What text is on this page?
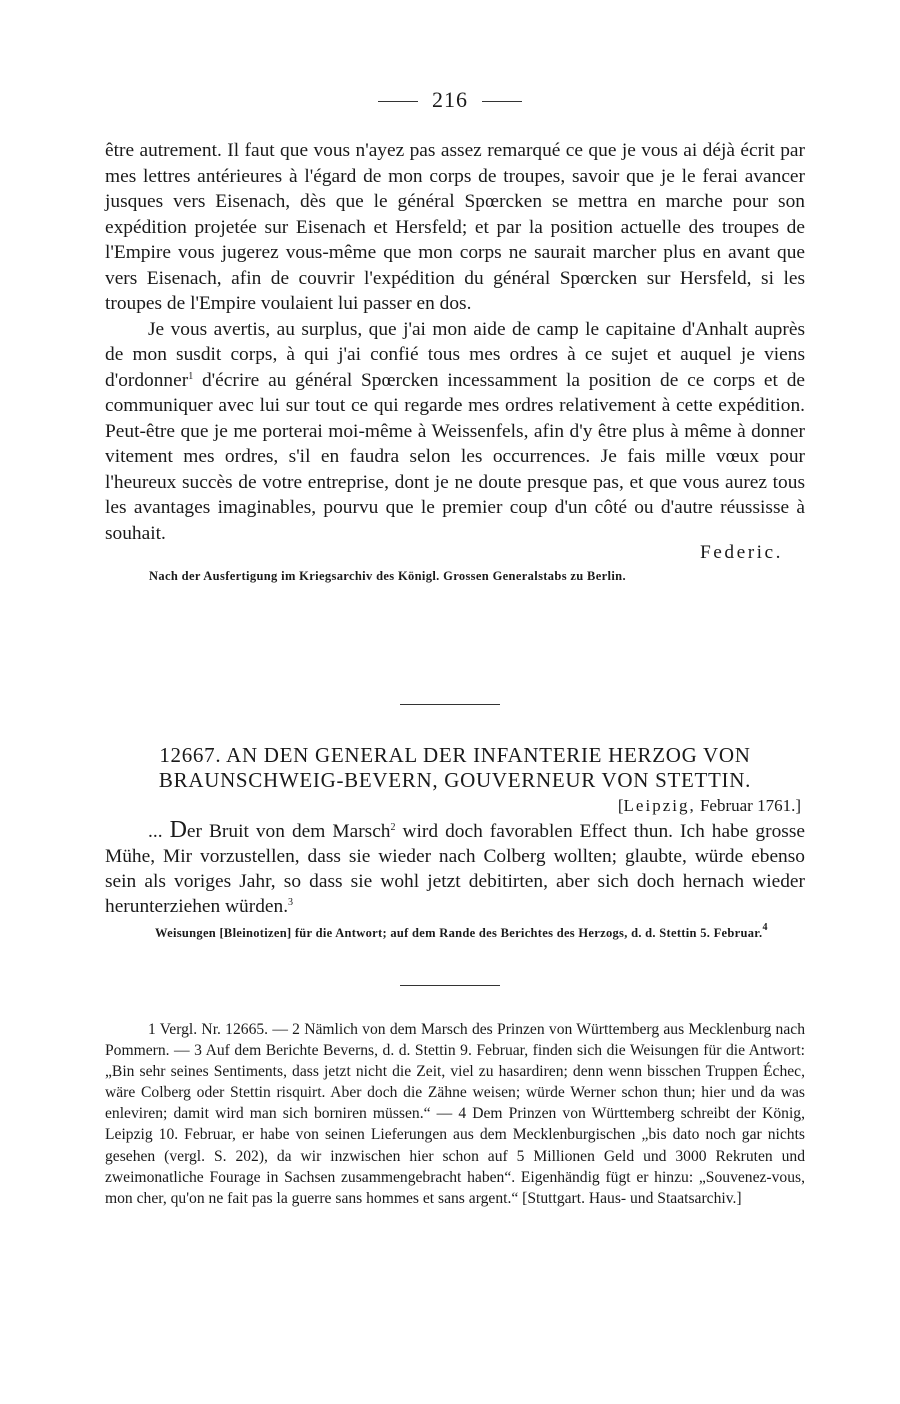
216

être autrement. Il faut que vous n'ayez pas assez remarqué ce que je vous ai déjà écrit par mes lettres antérieures à l'égard de mon corps de troupes, savoir que je le ferai avancer jusques vers Eisenach, dès que le général Spœrcken se mettra en marche pour son expédition projetée sur Eisenach et Hersfeld; et par la position actuelle des troupes de l'Empire vous jugerez vous-même que mon corps ne saurait marcher plus en avant que vers Eisenach, afin de couvrir l'expédition du général Spœrcken sur Hersfeld, si les troupes de l'Empire voulaient lui passer en dos.

Je vous avertis, au surplus, que j'ai mon aide de camp le capitaine d'Anhalt auprès de mon susdit corps, à qui j'ai confié tous mes ordres à ce sujet et auquel je viens d'ordonner$^1$ d'écrire au général Spœrcken incessamment la position de ce corps et de communiquer avec lui sur tout ce qui regarde mes ordres relativement à cette expédition. Peut-être que je me porterai moi-même à Weissenfels, afin d'y être plus à même à donner vitement mes ordres, s'il en faudra selon les occurrences. Je fais mille vœux pour l'heureux succès de votre entreprise, dont je ne doute presque pas, et que vous aurez tous les avantages imaginables, pourvu que le premier coup d'un côté ou d'autre réussisse à souhait.

Federic.
Nach der Ausfertigung im Kriegsarchiv des Königl. Grossen Generalstabs zu Berlin.
12667. AN DEN GENERAL DER INFANTERIE HERZOG VON BRAUNSCHWEIG-BEVERN, GOUVERNEUR VON STETTIN.
[Leipzig, Februar 1761.]

... Der Bruit von dem Marsch$^2$ wird doch favorablen Effect thun. Ich habe grosse Mühe, Mir vorzustellen, dass sie wieder nach Colberg wollten; glaubte, würde ebenso sein als voriges Jahr, so dass sie wohl jetzt debitirten, aber sich doch hernach wieder herunterziehen würden.$^3$

Weisungen [Bleinotizen] für die Antwort; auf dem Rande des Berichtes des Herzogs, d. d. Stettin 5. Februar.$^4$

1 Vergl. Nr. 12665. — 2 Nämlich von dem Marsch des Prinzen von Württemberg aus Mecklenburg nach Pommern. — 3 Auf dem Berichte Beverns, d. d. Stettin 9. Februar, finden sich die Weisungen für die Antwort: „Bin sehr seines Sentiments, dass jetzt nicht die Zeit, viel zu hasardiren; denn wenn bisschen Truppen Échec, wäre Colberg oder Stettin risquirt. Aber doch die Zähne weisen; würde Werner schon thun; hier und da was enleviren; damit wird man sich borniren müssen.“ — 4 Dem Prinzen von Württemberg schreibt der König, Leipzig 10. Februar, er habe von seinen Lieferungen aus dem Mecklenburgischen „bis dato noch gar nichts gesehen (vergl. S. 202), da wir inzwischen hier schon auf 5 Millionen Geld und 3000 Rekruten und zweimonatliche Fourage in Sachsen zusammengebracht haben“. Eigenhändig fügt er hinzu: „Souvenez-vous, mon cher, qu'on ne fait pas la guerre sans hommes et sans argent.“ [Stuttgart. Haus- und Staatsarchiv.]
